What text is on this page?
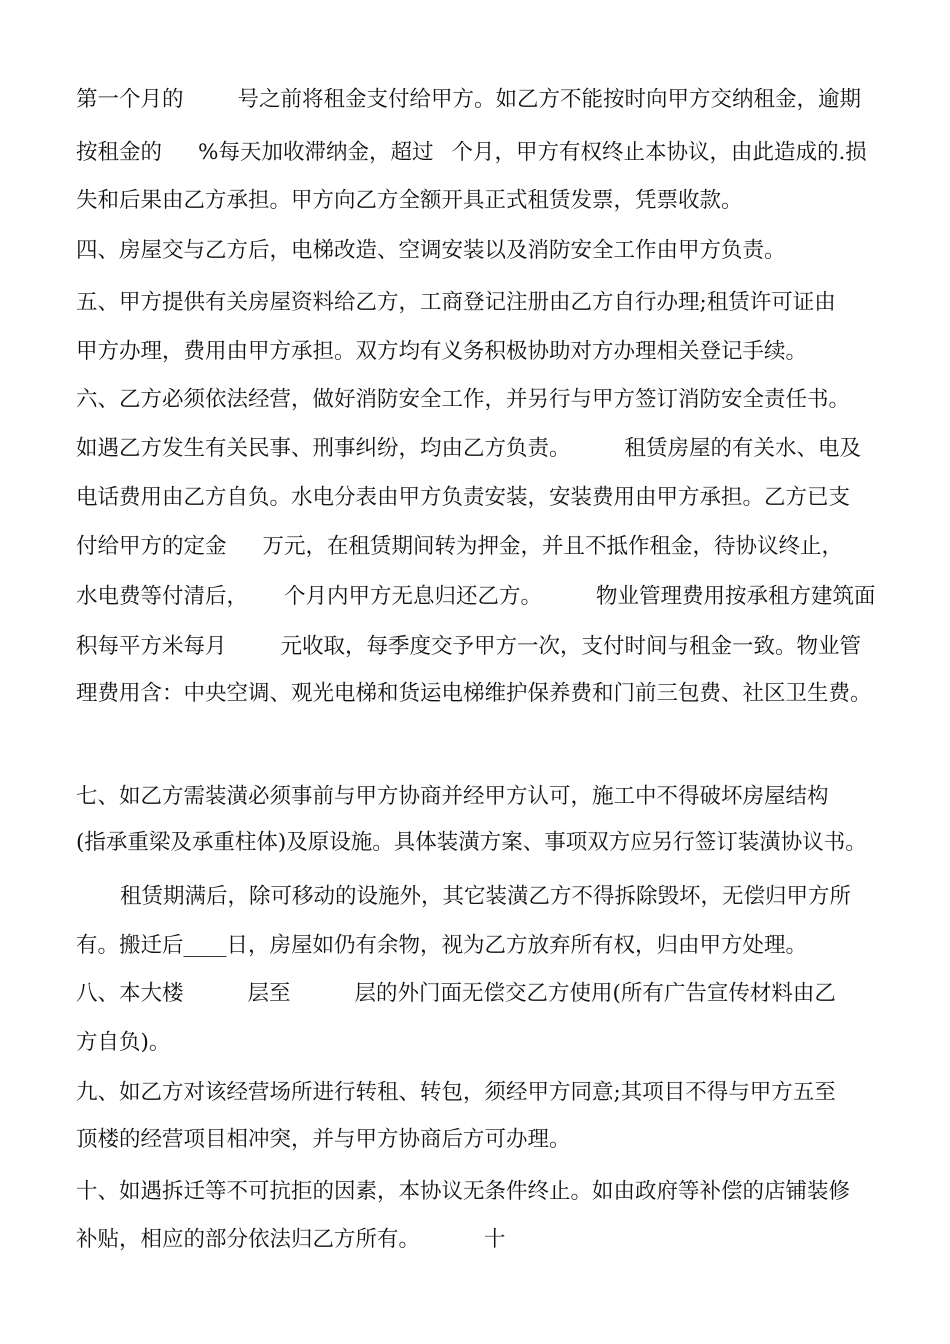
第一个月的	号之前将租金支付给甲方。如乙方不能按时向甲方交纳租金，逾期
按租金的 %每天加收滞纳金，超过 个月，甲方有权终止本协议，由此造成的.损
失和后果由乙方承担。甲方向乙方全额开具正式租赁发票，凭票收款。
四、房屋交与乙方后，电梯改造、空调安装以及消防安全工作由甲方负责。
五、甲方提供有关房屋资料给乙方，工商登记注册由乙方自行办理;租赁许可证由
甲方办理，费用由甲方承担。双方均有义务积极协助对方办理相关登记手续。
六、乙方必须依法经营，做好消防安全工作，并另行与甲方签订消防安全责任书。
如遇乙方发生有关民事、刑事纠纷，均由乙方负责。	租赁房屋的有关水、电及
电话费用由乙方自负。水电分表由甲方负责安装，安装费用由甲方承担。乙方已支
付给甲方的定金 万元，在租赁期间转为押金，并且不抵作租金，待协议终止，
水电费等付清后， 个月内甲方无息归还乙方。	物业管理费用按承租方建筑面
积每平方米每月	元收取，每季度交予甲方一次，支付时间与租金一致。物业管
理费用含：中央空调、观光电梯和货运电梯维护保养费和门前三包费、社区卫生费。
七、如乙方需装潢必须事前与甲方协商并经甲方认可，施工中不得破坏房屋结构
(指承重梁及承重柱体)及原设施。具体装潢方案、事项双方应另行签订装潢协议书。
租赁期满后，除可移动的设施外，其它装潢乙方不得拆除毁坏，无偿归甲方所
有。搬迁后____日，房屋如仍有余物，视为乙方放弃所有权，归由甲方处理。
八、本大楼	层至	层的外门面无偿交乙方使用(所有广告宣传材料由乙
方自负)。
九、如乙方对该经营场所进行转租、转包，须经甲方同意;其项目不得与甲方五至
顶楼的经营项目相冲突，并与甲方协商后方可办理。
十、如遇拆迁等不可抗拒的因素，本协议无条件终止。如由政府等补偿的店铺装修
补贴，相应的部分依法归乙方所有。	十
